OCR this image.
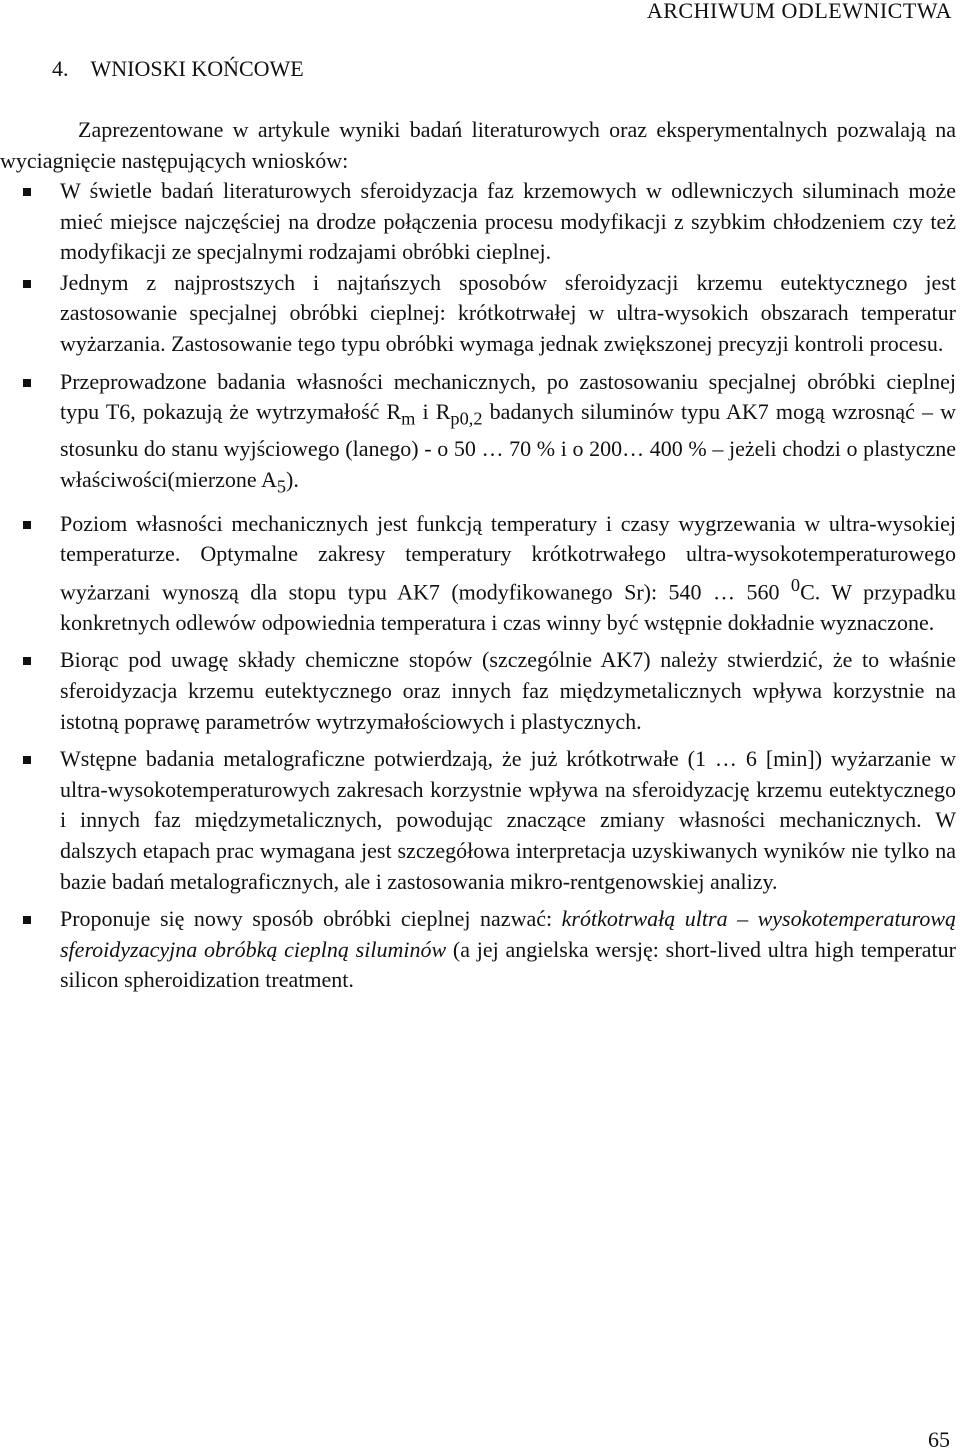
ARCHIWUM ODLEWNICTWA
4. WNIOSKI KOŃCOWE

Zaprezentowane w artykule wyniki badań literaturowych oraz eksperymentalnych pozwalają na wyciagnięcie następujących wniosków:

W świetle badań literaturowych sferoidyzacja faz krzemowych w odlewniczych siluminach może mieć miejsce najczęściej na drodze połączenia procesu modyfikacji z szybkim chłodzeniem czy też modyfikacji ze specjalnymi rodzajami obróbki cieplnej.
Jednym z najprostszych i najtańszych sposobów sferoidyzacji krzemu eutektycznego jest zastosowanie specjalnej obróbki cieplnej: krótkotrwałej w ultra-wysokich obszarach temperatur wyżarzania. Zastosowanie tego typu obróbki wymaga jednak zwiększonej precyzji kontroli procesu.
Przeprowadzone badania własności mechanicznych, po zastosowaniu specjalnej obróbki cieplnej typu T6, pokazują że wytrzymałość $R_m$ i $R_{p0,2}$ badanych siluminów typu AK7 mogą wzrosnąć – w stosunku do stanu wyjściowego (lanego) - o 50 … 70 % i o 200… 400 % – jeżeli chodzi o plastyczne właściwości(mierzone $A_5$).
Poziom własności mechanicznych jest funkcją temperatury i czasy wygrzewania w ultra-wysokiej temperaturze. Optymalne zakresy temperatury krótkotrwałego ultra-wysokotemperaturowego wyżarzani wynoszą dla stopu typu AK7 (modyfikowanego Sr): 540 … 560 $^0$C. W przypadku konkretnych odlewów odpowiednia temperatura i czas winny być wstępnie dokładnie wyznaczone.
Biorąc pod uwagę składy chemiczne stopów (szczególnie AK7) należy stwierdzić, że to właśnie sferoidyzacja krzemu eutektycznego oraz innych faz międzymetalicznych wpływa korzystnie na istotną poprawę parametrów wytrzymałościowych i plastycznych.
Wstępne badania metalograficzne potwierdzają, że już krótkotrwałe (1 … 6 [min]) wyżarzanie w ultra-wysokotemperaturowych zakresach korzystnie wpływa na sferoidyzację krzemu eutektycznego i innych faz międzymetalicznych, powodując znaczące zmiany własności mechanicznych. W dalszych etapach prac wymagana jest szczegółowa interpretacja uzyskiwanych wyników nie tylko na bazie badań metalograficznych, ale i zastosowania mikro-rentgenowskiej analizy.
Proponuje się nowy sposób obróbki cieplnej nazwać: krótkotrwałą ultra – wysokotemperaturową sferoidyzacyjna obróbką cieplną siluminów (a jej angielska wersję: short-lived ultra high temperatur silicon spheroidization treatment.
65
